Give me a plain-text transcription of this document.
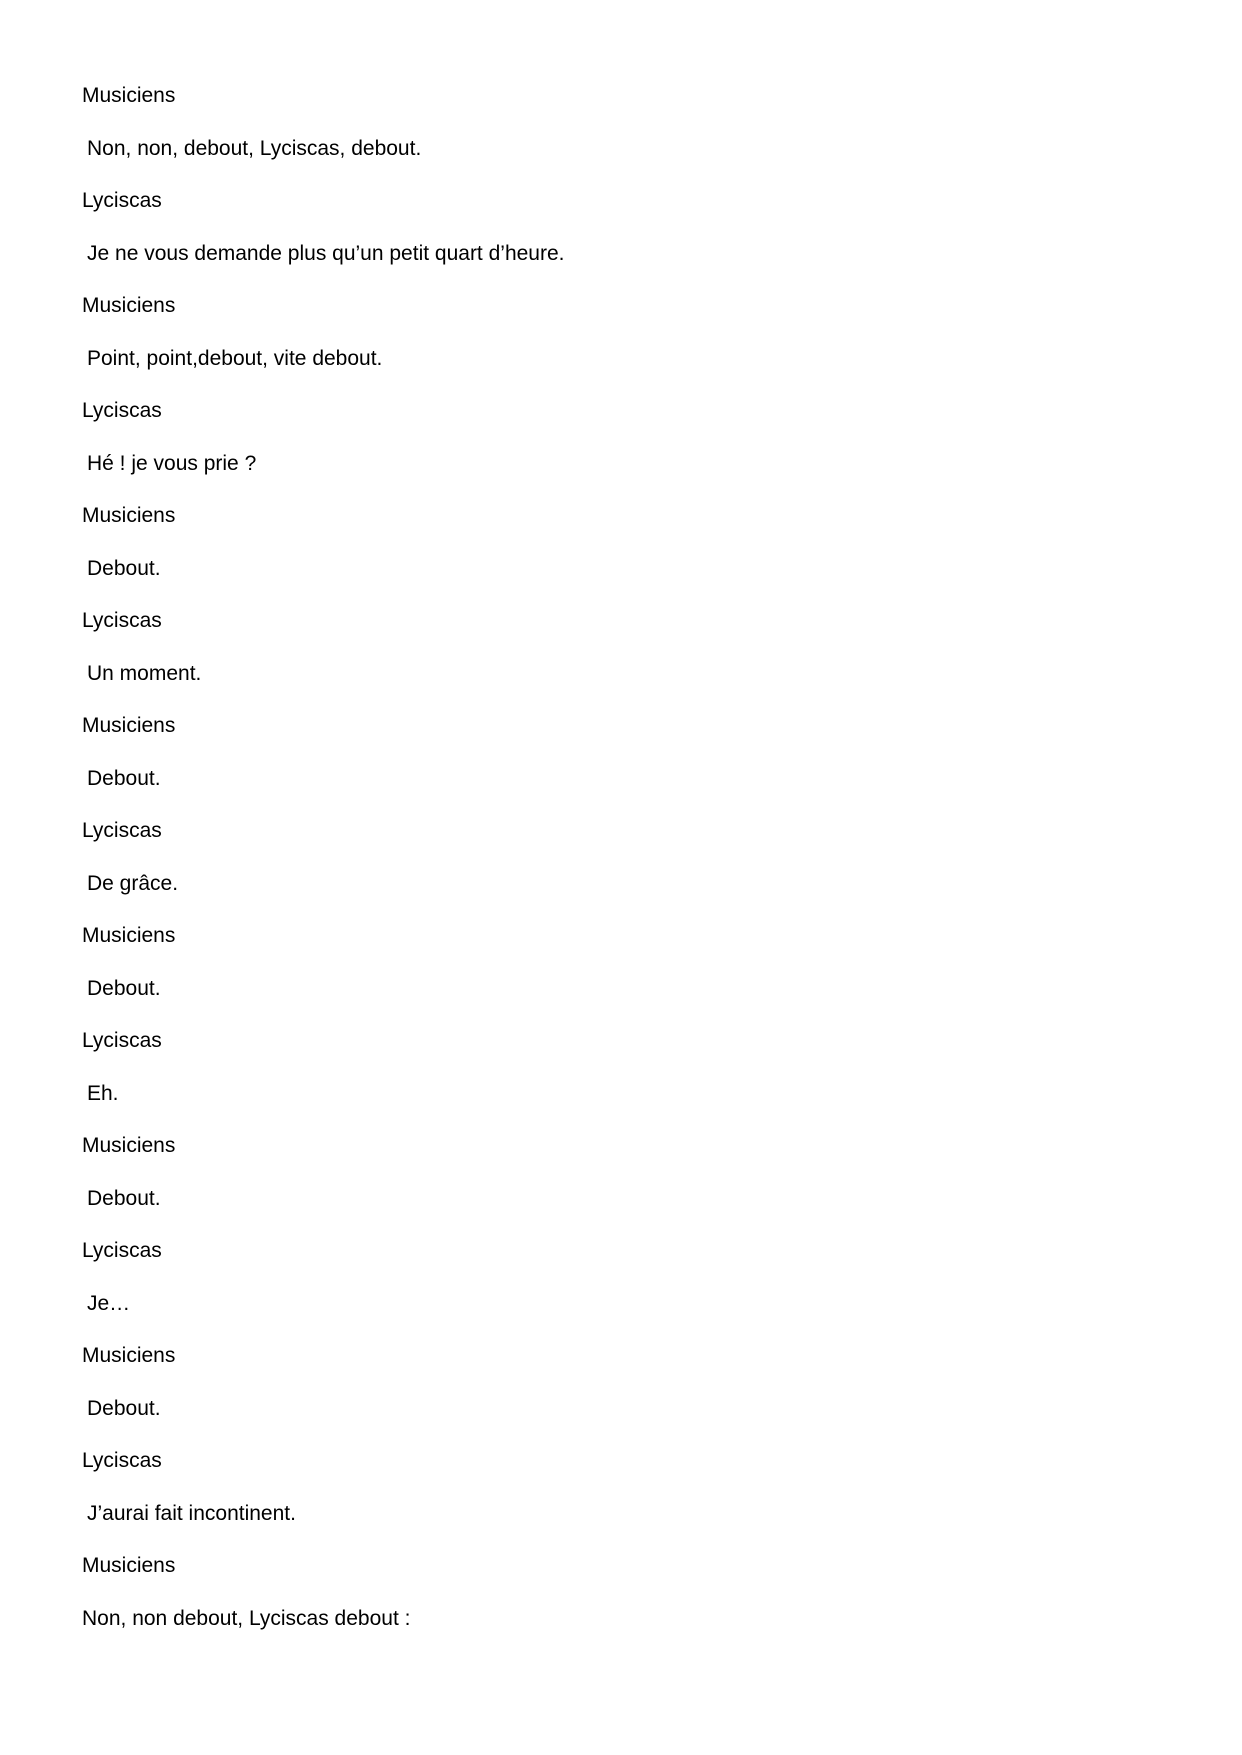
Musiciens
Non, non, debout, Lyciscas, debout.
Lyciscas
Je ne vous demande plus qu’un petit quart d’heure.
Musiciens
Point, point,debout, vite debout.
Lyciscas
Hé ! je vous prie ?
Musiciens
Debout.
Lyciscas
Un moment.
Musiciens
Debout.
Lyciscas
De grâce.
Musiciens
Debout.
Lyciscas
Eh.
Musiciens
Debout.
Lyciscas
Je…
Musiciens
Debout.
Lyciscas
J’aurai fait incontinent.
Musiciens
Non, non debout, Lyciscas debout :
